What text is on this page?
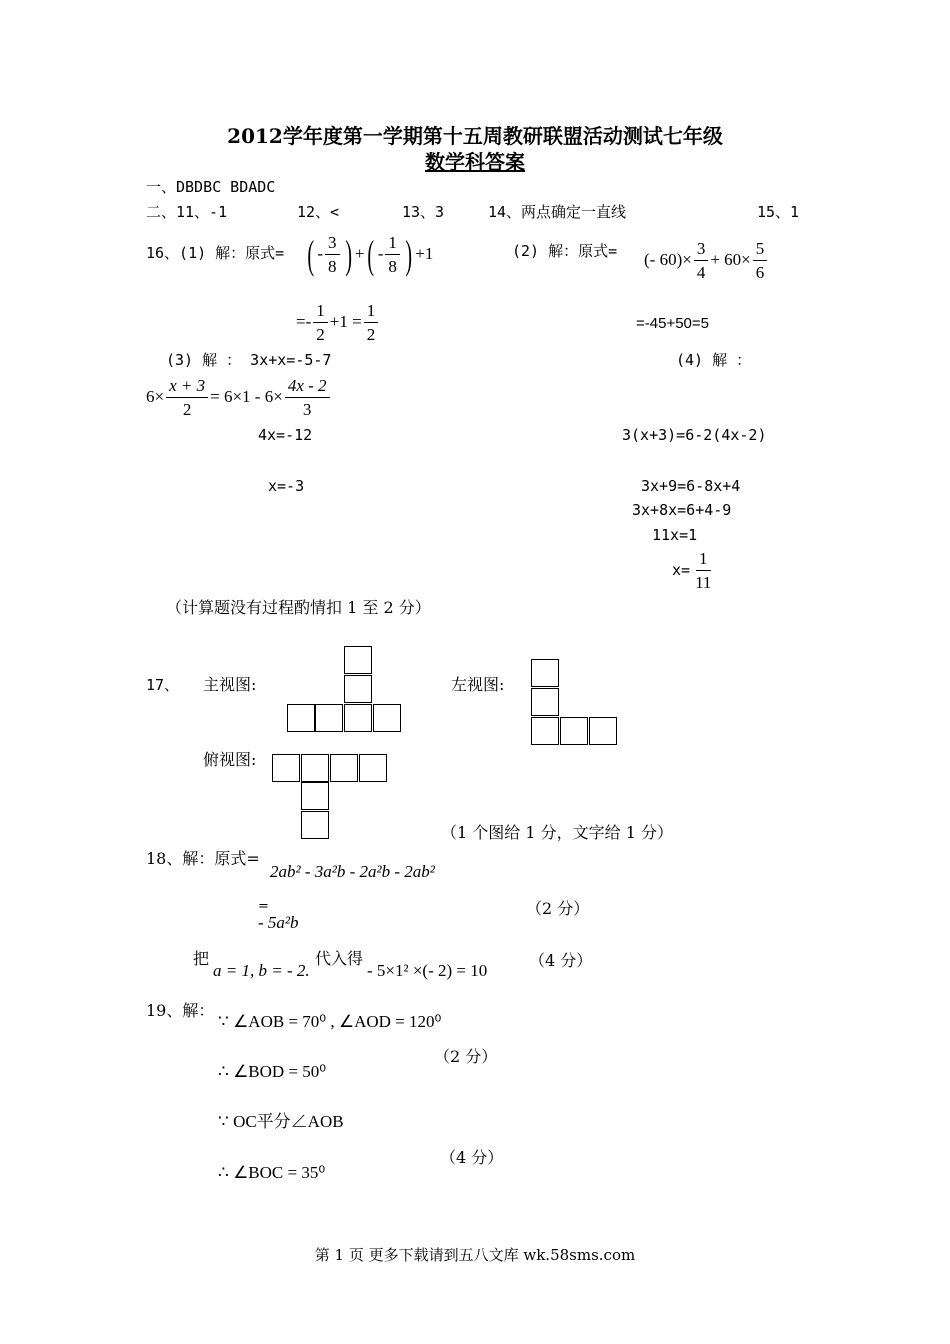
2012学年度第一学期第十五周教研联盟活动测试七年级
数学科答案
一、DBDBC BDADC
二、11、-1	12、<	13、3	14、两点确定一直线	15、1
16、(1) 解：原式= ( - $\frac{3}{8}$ ) +( - $\frac{1}{8}$ ) +1
=- $\frac{1}{2} +1 = \frac{1}{2}$
(2) 解：原式= (- $60)\times \frac{3}{4} + 60\times \frac{5}{6}$
=-45+50=5
(3) 解 ： 3x+x=-5-7
4x=-12
x=-3
(4) 解 ：
$6\times \frac{x + 3}{2} = 6\times 1 - 6\times \frac{4x - 2}{3}$
3(x+3)=6-2(4x-2)
3x+9=6-8x+4
3x+8x=6+4-9
11x=1
$x= \frac{1}{11}$
（计算题没有过程酌情扣 1 至 2 分）
17、 主视图:	左视图:
俯视图:
（1 个图给 1 分，文字给 1 分）
18、解：原式=
2ab² - 3a²b - 2a²b - 2ab²
=
- 5a²b
（2 分）
把
a = 1, b = - 2.
代入得
- 5×1² ×(- 2) = 10
（4 分）
19、解：
∵ ∠AOB = 70⁰ , ∠AOD = 120⁰
（2 分）
∴ ∠BOD = 50⁰
∵ OC平分∠AOB
（4 分）
∴ ∠BOC = 35⁰
第 1 页 更多下载请到五八文库 wk.58sms.com
